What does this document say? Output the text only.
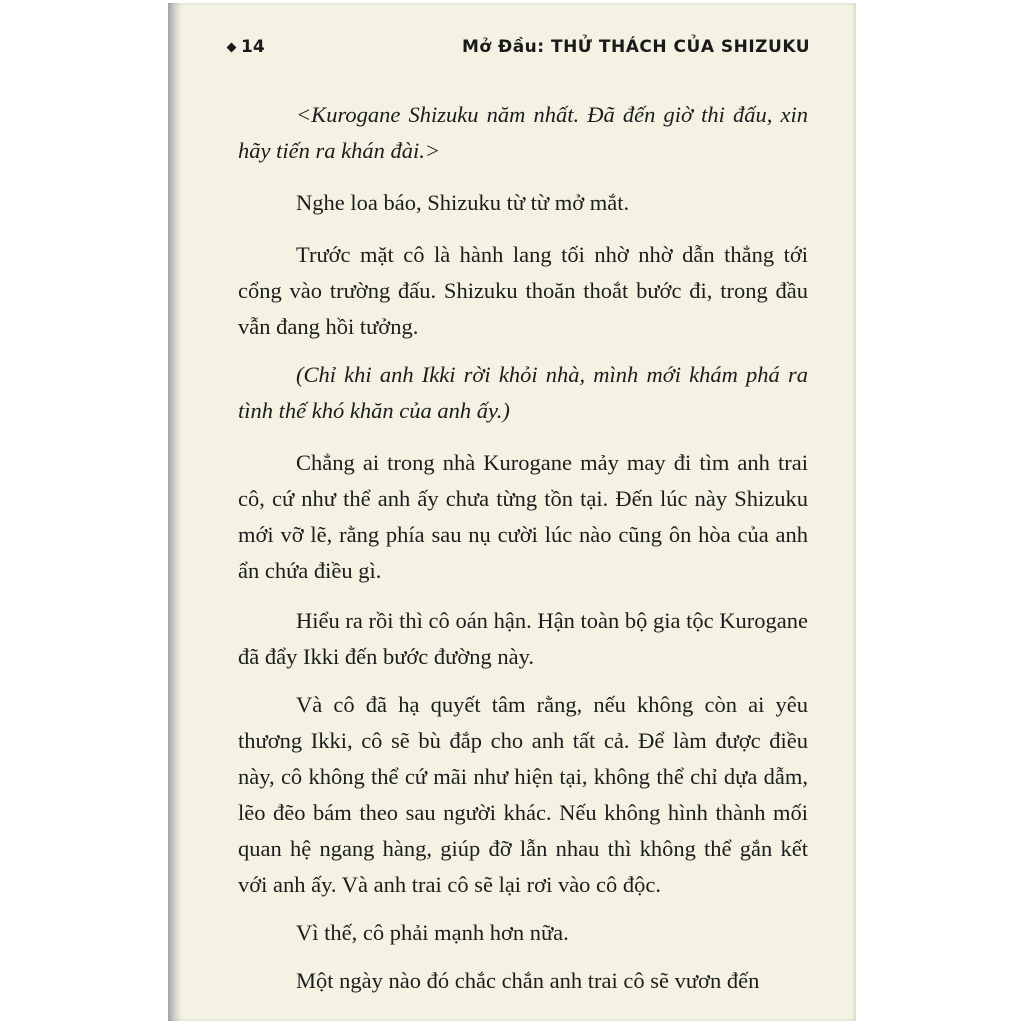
14	Mở Đầu: THỬ THÁCH CỦA SHIZUKU

<Kurogane Shizuku năm nhất. Đã đến giờ thi đấu, xin hãy tiến ra khán đài.>

Nghe loa báo, Shizuku từ từ mở mắt.

Trước mặt cô là hành lang tối nhờ nhờ dẫn thẳng tới cổng vào trường đấu. Shizuku thoăn thoắt bước đi, trong đầu vẫn đang hồi tưởng.

(Chỉ khi anh Ikki rời khỏi nhà, mình mới khám phá ra tình thế khó khăn của anh ấy.)

Chẳng ai trong nhà Kurogane mảy may đi tìm anh trai cô, cứ như thể anh ấy chưa từng tồn tại. Đến lúc này Shizuku mới vỡ lẽ, rằng phía sau nụ cười lúc nào cũng ôn hòa của anh ẩn chứa điều gì.

Hiểu ra rồi thì cô oán hận. Hận toàn bộ gia tộc Kurogane đã đẩy Ikki đến bước đường này.

Và cô đã hạ quyết tâm rằng, nếu không còn ai yêu thương Ikki, cô sẽ bù đắp cho anh tất cả. Để làm được điều này, cô không thể cứ mãi như hiện tại, không thể chỉ dựa dẫm, lẽo đẽo bám theo sau người khác. Nếu không hình thành mối quan hệ ngang hàng, giúp đỡ lẫn nhau thì không thể gắn kết với anh ấy. Và anh trai cô sẽ lại rơi vào cô độc.

Vì thế, cô phải mạnh hơn nữa.

Một ngày nào đó chắc chắn anh trai cô sẽ vươn đến
